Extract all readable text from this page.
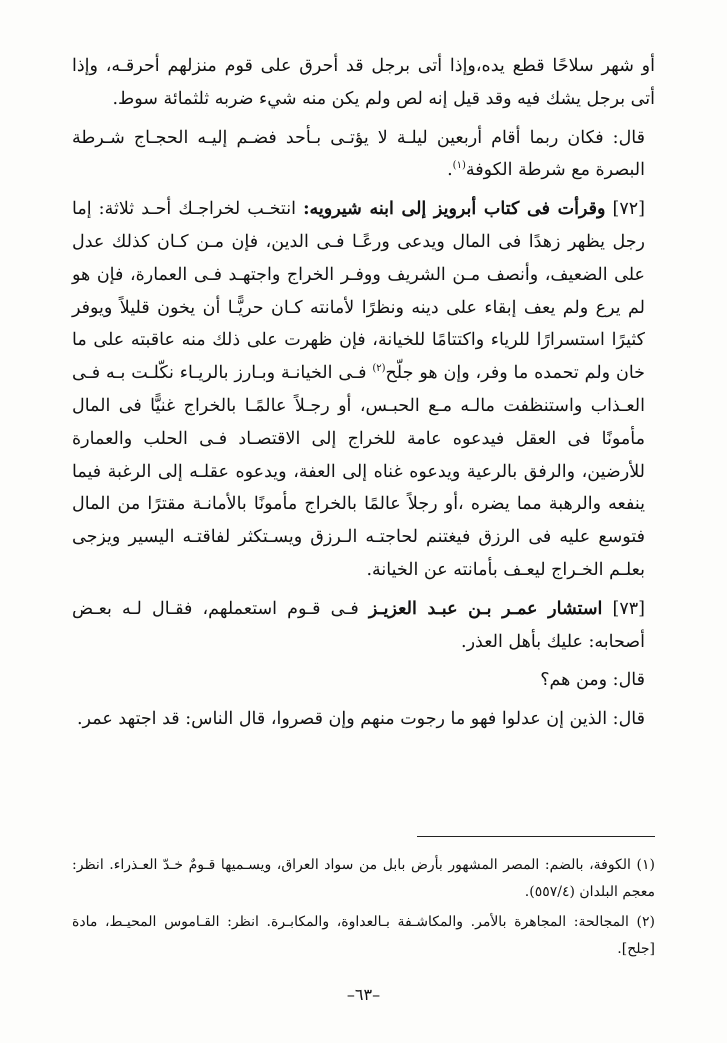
أو شهر سلاحًا قطع يده،وإذا أتى برجل قد أحرق على قوم منزلهم أحرقـه، وإذا أتى برجل يشك فيه وقد قيل إنه لص ولم يكن منه شيء ضربه ثلثمائة سوط.

قال: فكان ربما أقام أربعين ليلـة لا يؤتـى بـأحد فضـم إليـه الحجـاج شـرطة البصرة مع شرطة الكوفة$^{(١)}$.

[٧٢] وقرأت فى كتاب أبرويز إلى ابنه شيرويه: انتخـب لخراجـك أحـد ثلاثة: إما رجل يظهر زهدًا فى المال ويدعى ورعًـا فـى الدين، فإن مـن كـان كذلك عدل على الضعيف، وأنصف مـن الشريف ووفـر الخراج واجتهـد فـى العمارة، فإن هو لم يرع ولم يعف إبقاء على دينه ونظرًا لأمانته كـان حريًّـا أن يخون قليلاً ويوفر كثيرًا استسرارًا للرياء واكتتامًا للخيانة، فإن ظهرت على ذلك منه عاقبته على ما خان ولم تحمده ما وفر، وإن هو جلّح$^{(٢)}$ فـى الخيانـة وبـارز بالريـاء نكّلـت بـه فـى العـذاب واستنظفت مالـه مـع الحبـس، أو رجـلاً عالمًـا بالخراج غنيًّا فى المال مأمونًا فى العقل فيدعوه عامة للخراج إلى الاقتصـاد فـى الحلب والعمارة للأرضين، والرفق بالرعية ويدعوه غناه إلى العفة، ويدعوه عقلـه إلى الرغبة فيما ينفعه والرهبة مما يضره ،أو رجلاً عالمًا بالخراج مأمونًا بالأمانـة مقترًا من المال فتوسع عليه فى الرزق فيغتنم لحاجتـه الـرزق ويسـتكثر لفاقتـه اليسير ويزجى بعلـم الخـراج ليعـف بأمانته عن الخيانة.

[٧٣] استشار عمـر بـن عبـد العزيـز فـى قـوم استعملهم، فقـال لـه بعـض أصحابه: عليك بأهل العذر.

قال: ومن هم؟

قال: الذين إن عدلوا فهو ما رجوت منهم وإن قصروا، قال الناس: قد اجتهد عمر.

(١) الكوفة، بالضم: المصر المشهور بأرض بابل من سواد العراق، ويسـميها قـومٌ خـدّ العـذراء. انظر: معجم البلدان (٥٥٧/٤).

(٢) المجالحة: المجاهرة بالأمر. والمكاشـفة بـالعداوة، والمكابـرة. انظر: القـاموس المحيـط، مادة [جلح].

–٦٣–
